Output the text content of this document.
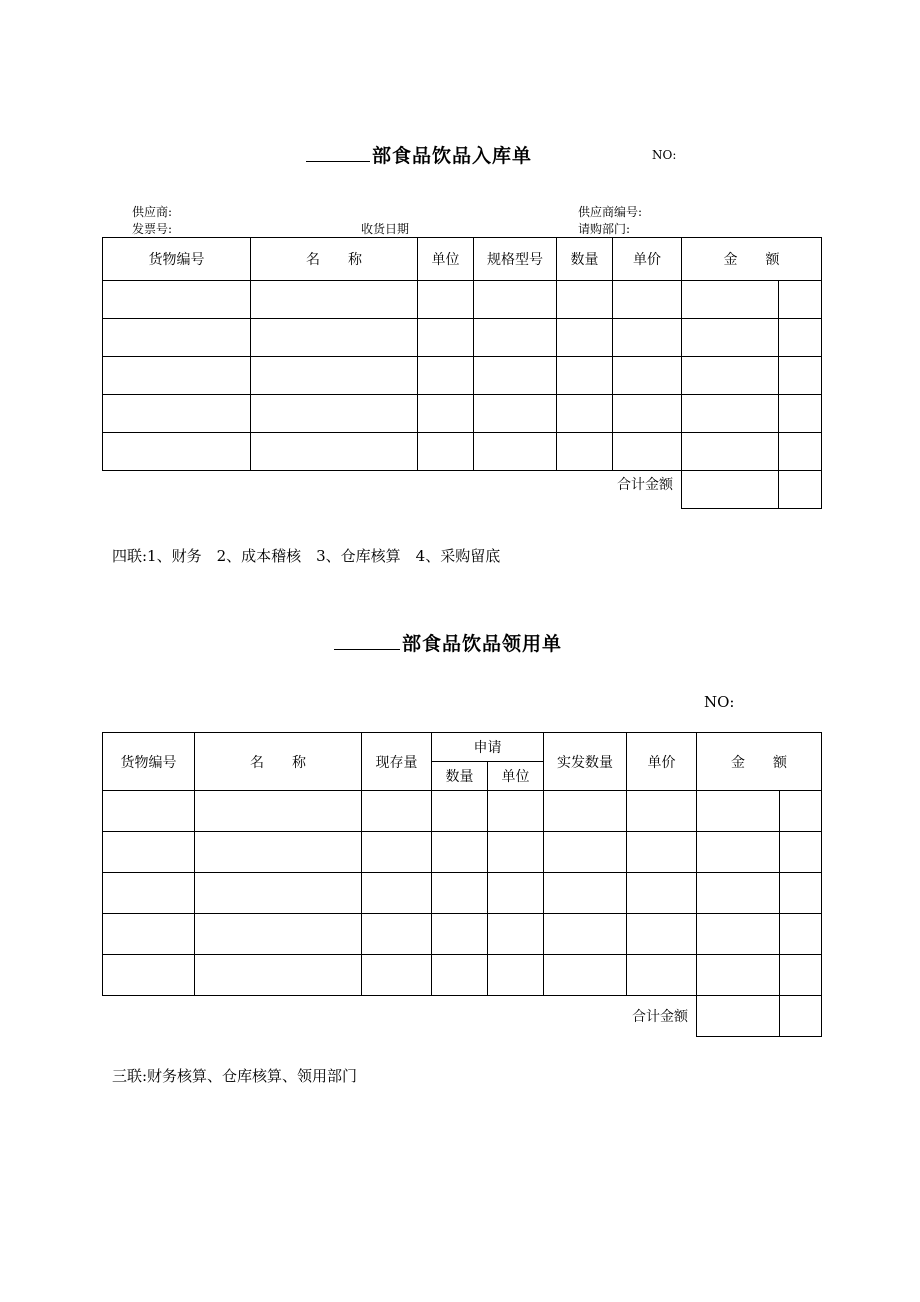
部食品饮品入库单	NO:
供应商:	供应商编号:
发票号:	收货日期	请购部门:
货物编号	名　　称	单位	规格型号	数量	单价	金　　额	

合计金额							
四联:1、财务　2、成本稽核　3、仓库核算　4、采购留底
部食品饮品领用单
NO:
货物编号	名　　称	现存量	申请		实发数量	单价	金　　额	
			数量	单位				

合计金额								
三联:财务核算、仓库核算、领用部门
